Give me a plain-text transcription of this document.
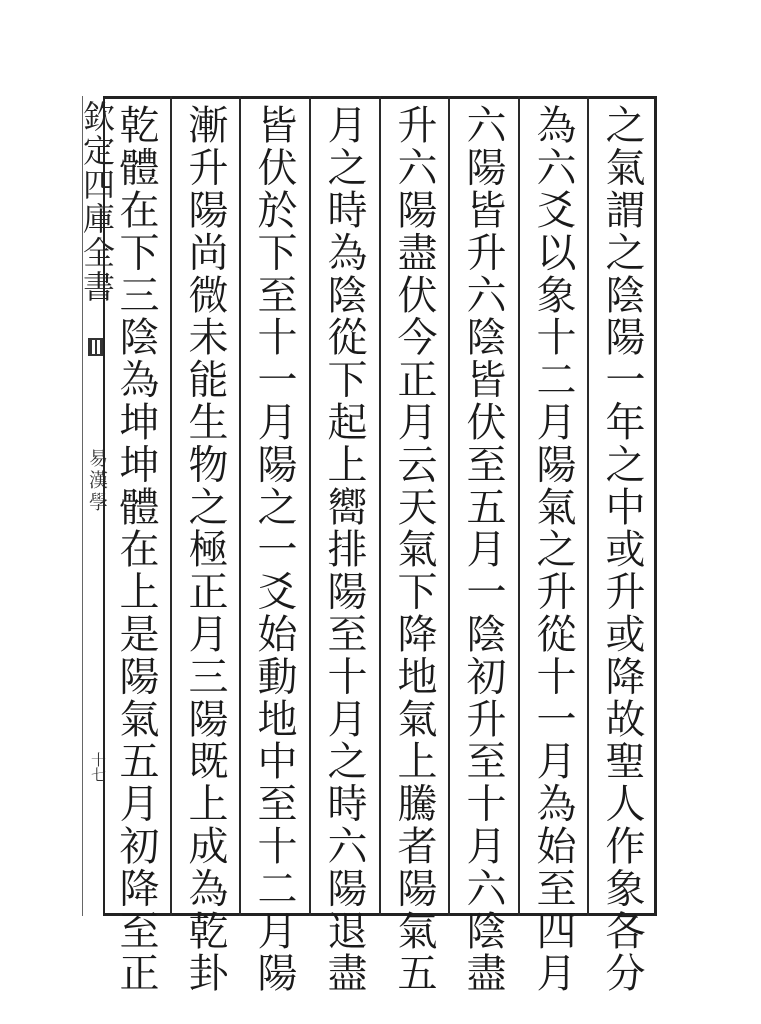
欽定四庫全書
易漢學
十七	之氣謂之陰陽一年之中或升或降故聖人作象各分
為六爻以象十二月陽氣之升從十一月為始至四月
六陽皆升六陰皆伏至五月一陰初升至十月六陰盡
升六陽盡伏今正月云天氣下降地氣上騰者陽氣五
月之時為陰從下起上嚮排陽至十月之時六陽退盡
皆伏於下至十一月陽之一爻始動地中至十二月陽
漸升陽尚微未能生物之極正月三陽既上成為乾卦
乾體在下三陰為坤坤體在上是陽氣五月初降至正
